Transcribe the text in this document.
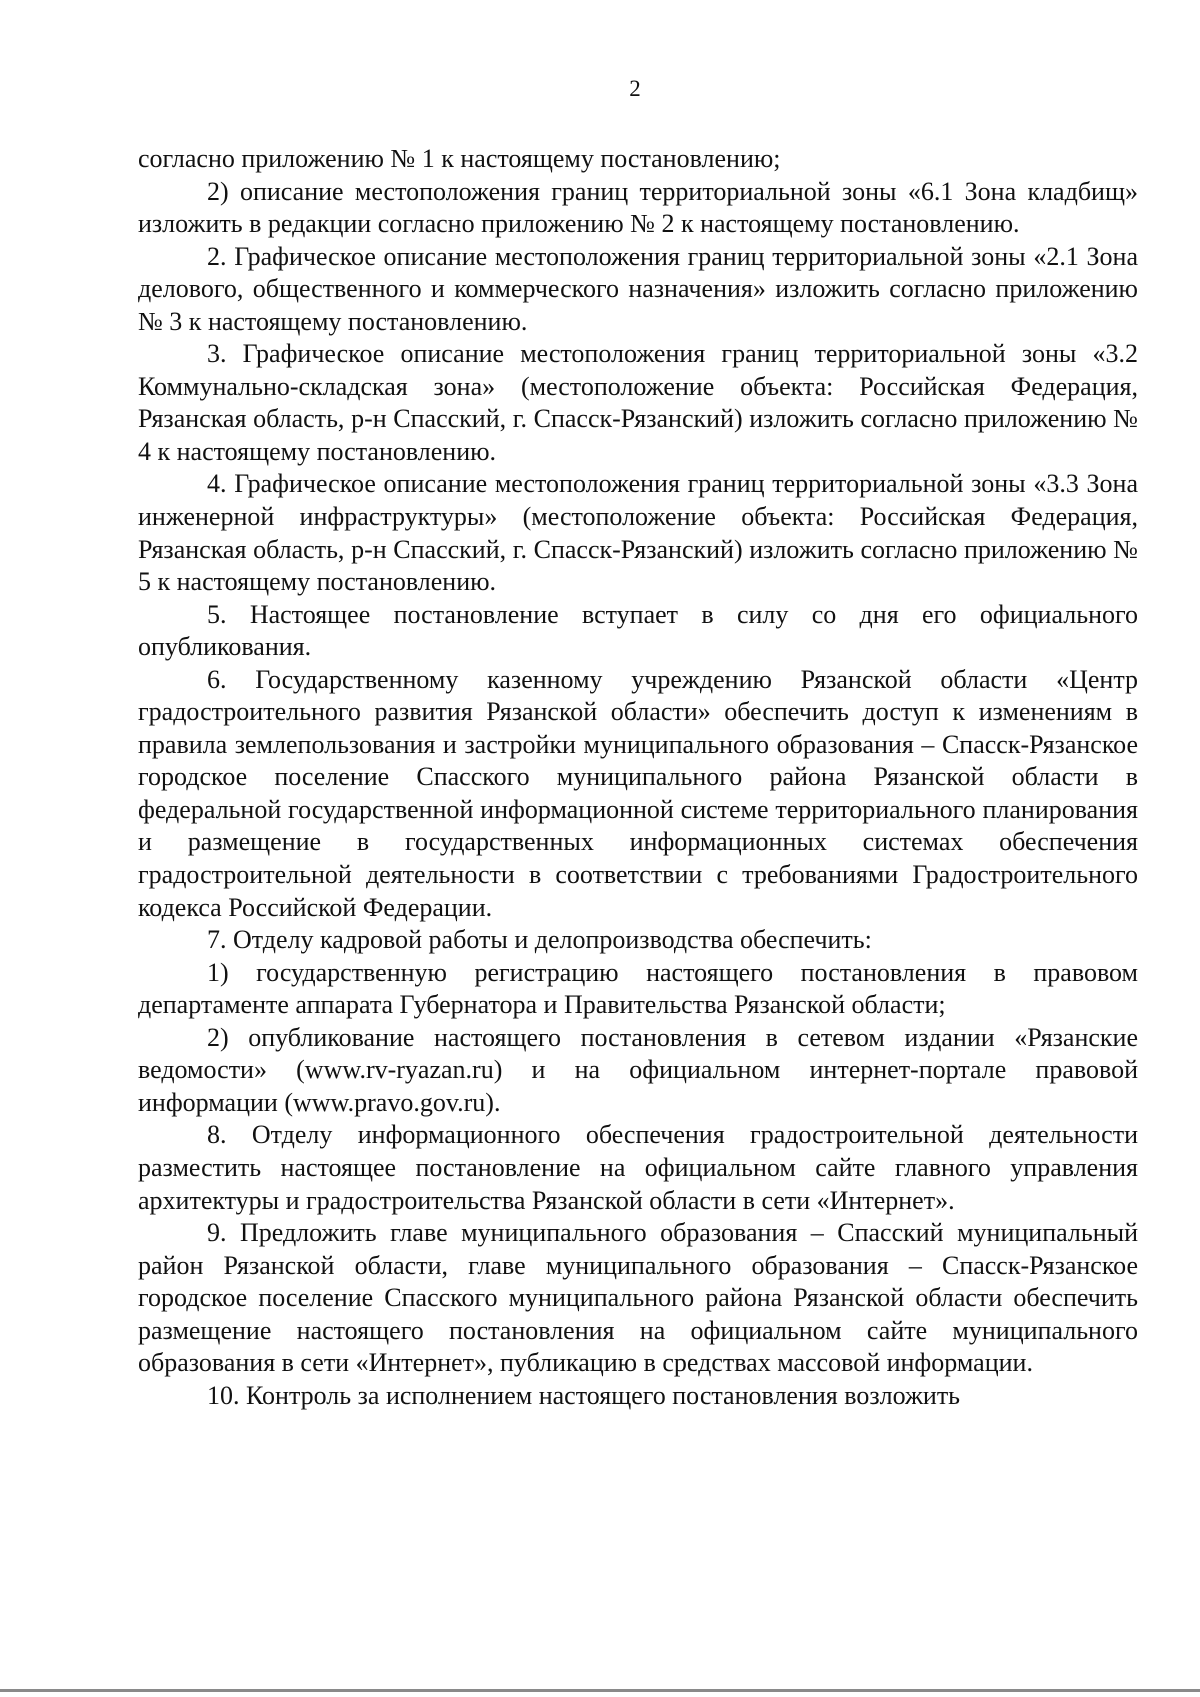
2

согласно приложению № 1 к настоящему постановлению;

2) описание местоположения границ территориальной зоны «6.1 Зона кладбищ» изложить в редакции согласно приложению № 2 к настоящему постановлению.

2. Графическое описание местоположения границ территориальной зоны «2.1 Зона делового, общественного и коммерческого назначения» изложить согласно приложению № 3 к настоящему постановлению.

3. Графическое описание местоположения границ территориальной зоны «3.2 Коммунально-складская зона» (местоположение объекта: Российская Федерация, Рязанская область, р-н Спасский, г. Спасск-Рязанский) изложить согласно приложению № 4 к настоящему постановлению.

4. Графическое описание местоположения границ территориальной зоны «3.3 Зона инженерной инфраструктуры» (местоположение объекта: Российская Федерация, Рязанская область, р-н Спасский, г. Спасск-Рязанский) изложить согласно приложению № 5 к настоящему постановлению.

5. Настоящее постановление вступает в силу со дня его официального опубликования.

6. Государственному казенному учреждению Рязанской области «Центр градостроительного развития Рязанской области» обеспечить доступ к изменениям в правила землепользования и застройки муниципального образования – Спасск-Рязанское городское поселение Спасского муниципального района Рязанской области в федеральной государственной информационной системе территориального планирования и размещение в государственных информационных системах обеспечения градостроительной деятельности в соответствии с требованиями Градостроительного кодекса Российской Федерации.

7. Отделу кадровой работы и делопроизводства обеспечить:

1) государственную регистрацию настоящего постановления в правовом департаменте аппарата Губернатора и Правительства Рязанской области;

2) опубликование настоящего постановления в сетевом издании «Рязанские ведомости» (www.rv-ryazan.ru) и на официальном интернет-портале правовой информации (www.pravo.gov.ru).

8. Отделу информационного обеспечения градостроительной деятельности разместить настоящее постановление на официальном сайте главного управления архитектуры и градостроительства Рязанской области в сети «Интернет».

9. Предложить главе муниципального образования – Спасский муниципальный район Рязанской области, главе муниципального образования – Спасск-Рязанское городское поселение Спасского муниципального района Рязанской области обеспечить размещение настоящего постановления на официальном сайте муниципального образования в сети «Интернет», публикацию в средствах массовой информации.

10. Контроль за исполнением настоящего постановления возложить
